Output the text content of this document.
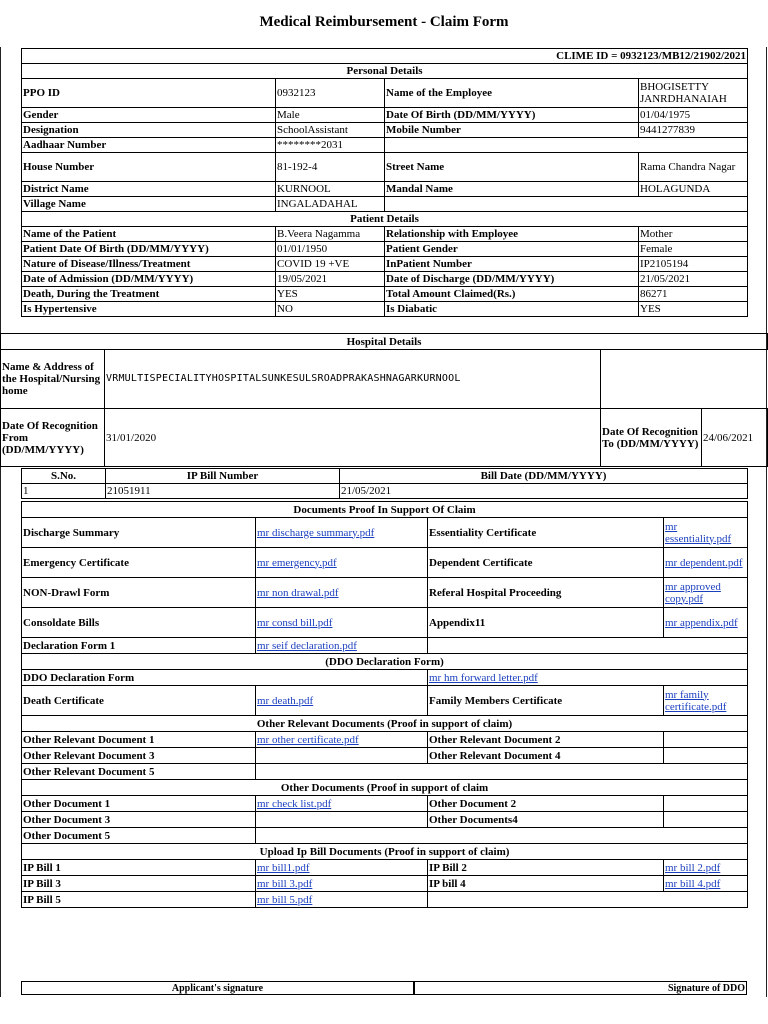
Medical Reimbursement - Claim Form
CLIME ID = 0932123/MB12/21902/2021			
Personal Details			
PPO ID	0932123	Name of the Employee	BHOGISETTY JANRDHANAIAH
Gender	Male	Date Of Birth (DD/MM/YYYY)	01/04/1975
Designation	SchoolAssistant	Mobile Number	9441277839
Aadhaar Number	********2031		
House Number	81-192-4	Street Name	Rama Chandra Nagar
District Name	KURNOOL	Mandal Name	HOLAGUNDA
Village Name	INGALADAHAL		
Patient Details			
Name of the Patient	B.Veera Nagamma	Relationship with Employee	Mother
Patient Date Of Birth (DD/MM/YYYY)	01/01/1950	Patient Gender	Female
Nature of Disease/Illness/Treatment	COVID 19 +VE	InPatient Number	IP2105194
Date of Admission (DD/MM/YYYY)	19/05/2021	Date of Discharge (DD/MM/YYYY)	21/05/2021
Death, During the Treatment	YES	Total Amount Claimed(Rs.)	86271
Is Hypertensive	NO	Is Diabatic	YES
Hospital Details			
Name & Address of the Hospital/Nursing home	VRMULTISPECIALITYHOSPITALSUNKESULSROADPRAKASHNAGARKURNOOL		
Date Of Recognition From (DD/MM/YYYY)	31/01/2020	Date Of Recognition To (DD/MM/YYYY)	24/06/2021
S.No.	IP Bill Number	Bill Date (DD/MM/YYYY)
1	21051911	21/05/2021
Documents Proof In Support Of Claim			
Discharge Summary	mr discharge summary.pdf	Essentiality Certificate	mr essentiality.pdf
Emergency Certificate	mr emergency.pdf	Dependent Certificate	mr dependent.pdf
NON-Drawl Form	mr non drawal.pdf	Referal Hospital Proceeding	mr approved copy.pdf
Consoldate Bills	mr consd bill.pdf	Appendix11	mr appendix.pdf
Declaration Form 1	mr seif declaration.pdf		
(DDO Declaration Form)			
DDO Declaration Form		mr hm forward letter.pdf	
Death Certificate	mr death.pdf	Family Members Certificate	mr family certificate.pdf
Other Relevant Documents (Proof in support of claim)			
Other Relevant Document 1	mr other certificate.pdf	Other Relevant Document 2	
Other Relevant Document 3		Other Relevant Document 4	
Other Relevant Document 5			
Other Documents (Proof in support of claim			
Other Document 1	mr check list.pdf	Other Document 2	
Other Document 3		Other Documents4	
Other Document 5			
Upload Ip Bill Documents (Proof in support of claim)			
IP Bill 1	mr bill1.pdf	IP Bill 2	mr bill 2.pdf
IP Bill 3	mr bill 3.pdf	IP bill 4	mr bill 4.pdf
IP Bill 5	mr bill 5.pdf		
Applicant's signature	Signature of DDO
